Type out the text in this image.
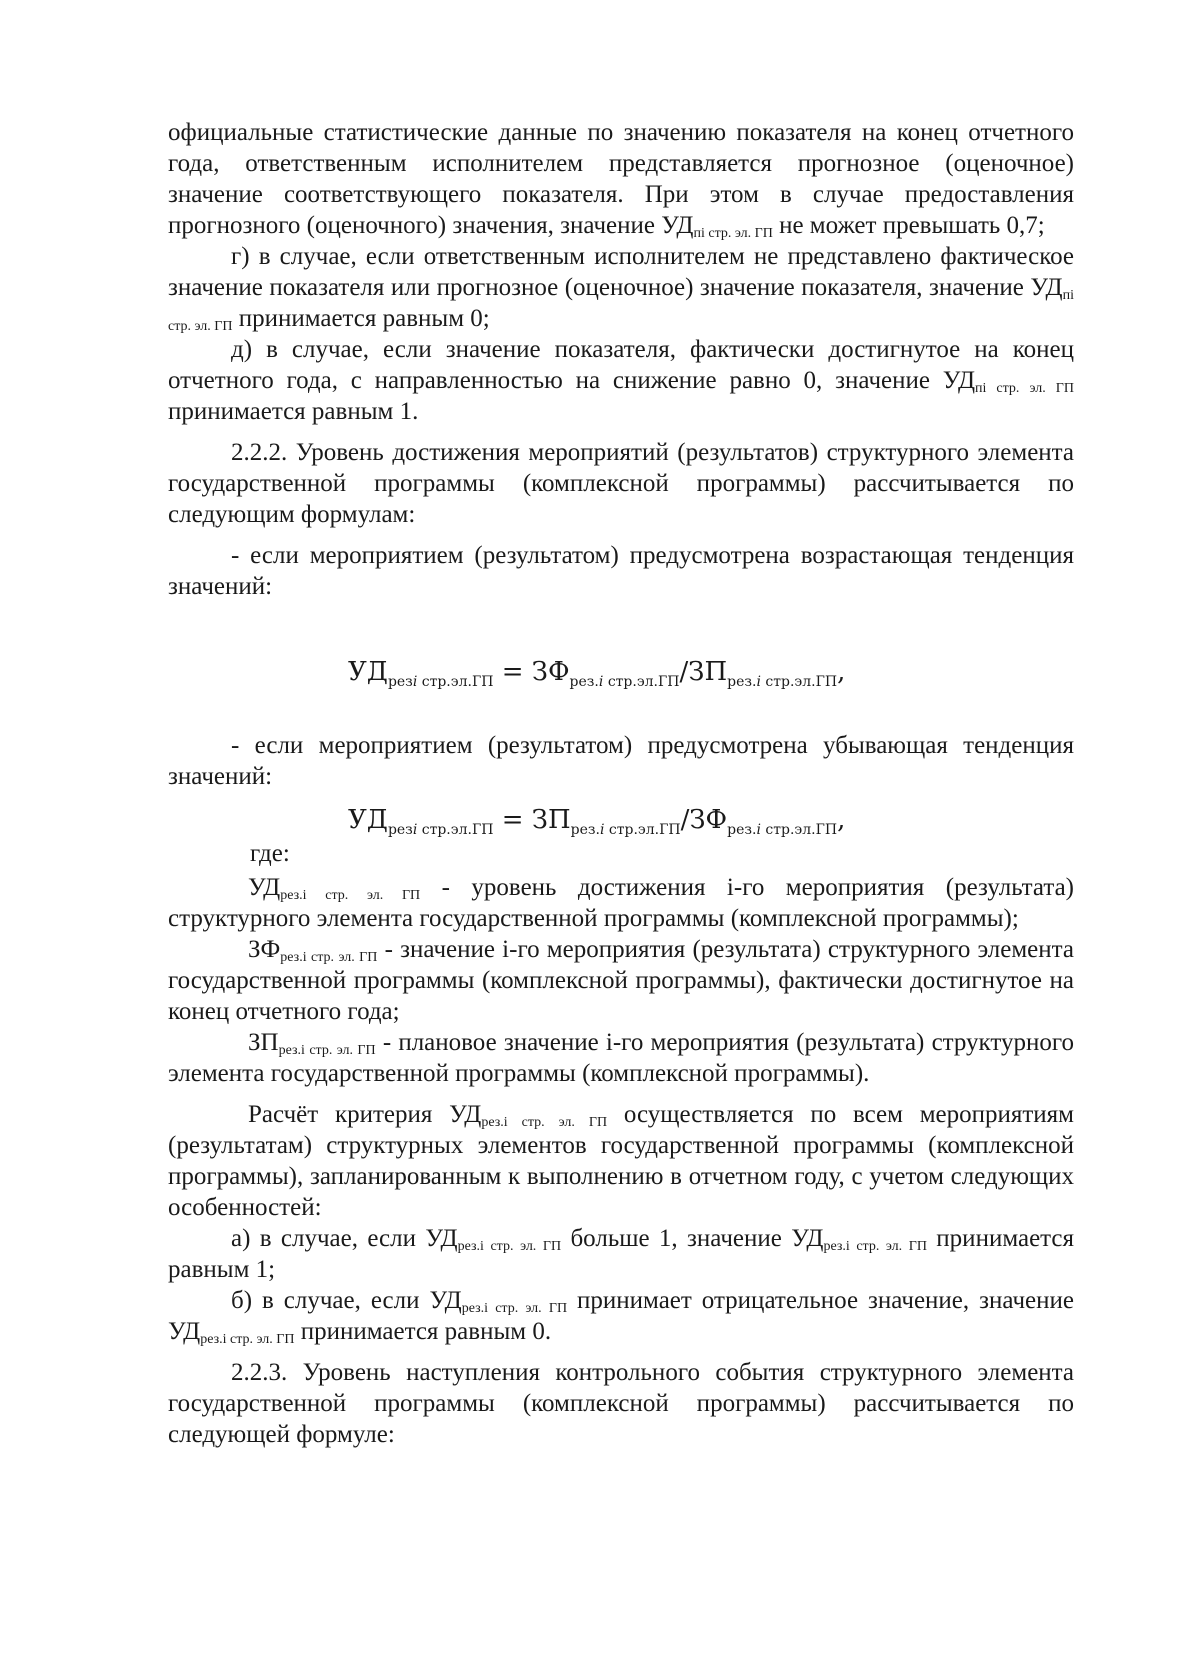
официальные статистические данные по значению показателя на конец отчетного года, ответственным исполнителем представляется прогнозное (оценочное) значение соответствующего показателя. При этом в случае предоставления прогнозного (оценочного) значения, значение $УД_{пi стр. эл. ГП}$ не может превышать 0,7;

г) в случае, если ответственным исполнителем не представлено фактическое значение показателя или прогнозное (оценочное) значение показателя, значение $УД_{пi стр. эл. ГП}$ принимается равным 0;

д) в случае, если значение показателя, фактически достигнутое на конец отчетного года, с направленностью на снижение равно 0, значение $УД_{пi стр. эл. ГП}$ принимается равным 1.

2.2.2. Уровень достижения мероприятий (результатов) структурного элемента государственной программы (комплексной программы) рассчитывается по следующим формулам:

- если мероприятием (результатом) предусмотрена возрастающая тенденция значений:

$УД_{резi стр.эл.ГП} = ЗФ_{рез.i стр.эл.ГП}/ЗП_{рез.i стр.эл.ГП}$,

- если мероприятием (результатом) предусмотрена убывающая тенденция значений:

$УД_{резi стр.эл.ГП} = ЗП_{рез.i стр.эл.ГП}/ЗФ_{рез.i стр.эл.ГП}$,
где:

$УД_{рез.i стр. эл. ГП}$ - уровень достижения i-го мероприятия (результата) структурного элемента государственной программы (комплексной программы);

$ЗФ_{рез.i стр. эл. ГП}$ - значение i-го мероприятия (результата) структурного элемента государственной программы (комплексной программы), фактически достигнутое на конец отчетного года;

$ЗП_{рез.i стр. эл. ГП}$ - плановое значение i-го мероприятия (результата) структурного элемента государственной программы (комплексной программы).

Расчёт критерия $УД_{рез.i стр. эл. ГП}$ осуществляется по всем мероприятиям (результатам) структурных элементов государственной программы (комплексной программы), запланированным к выполнению в отчетном году, с учетом следующих особенностей:

а) в случае, если $УД_{рез.i стр. эл. ГП}$ больше 1, значение $УД_{рез.i стр. эл. ГП}$ принимается равным 1;

б) в случае, если $УД_{рез.i стр. эл. ГП}$ принимает отрицательное значение, значение $УД_{рез.i стр. эл. ГП}$ принимается равным 0.

2.2.3. Уровень наступления контрольного события структурного элемента государственной программы (комплексной программы) рассчитывается по следующей формуле:
